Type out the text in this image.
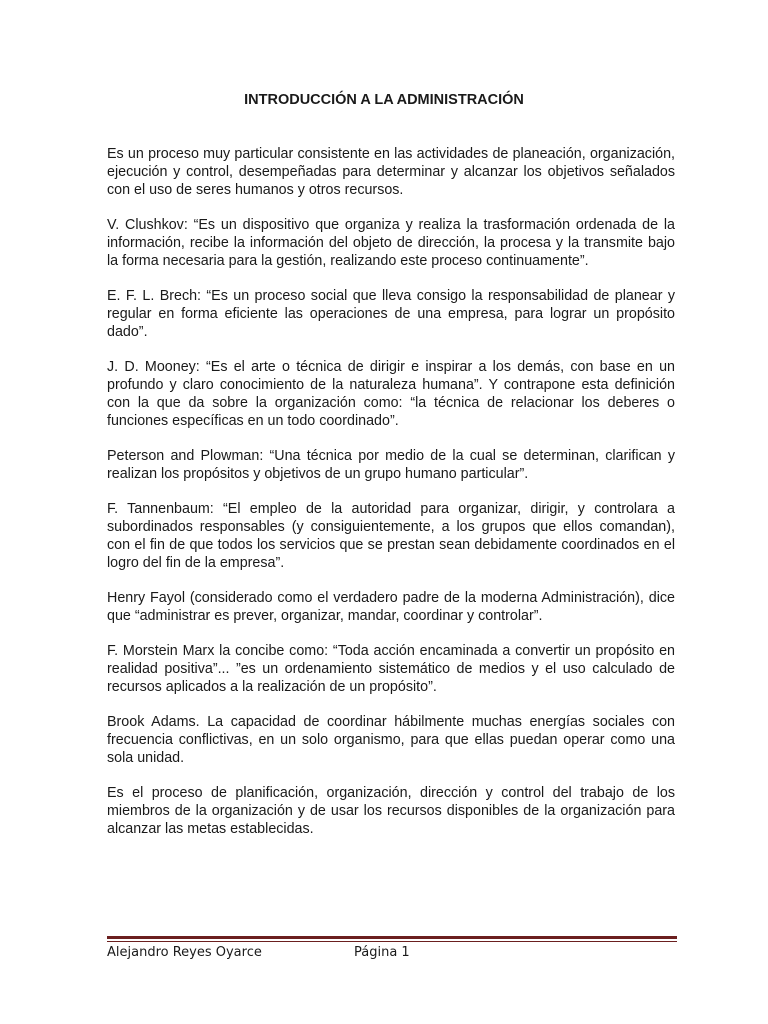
INTRODUCCIÓN A LA ADMINISTRACIÓN

Es un proceso muy particular consistente en las actividades de planeación, organización, ejecución y control, desempeñadas para determinar y alcanzar los objetivos señalados con el uso de seres humanos y otros recursos.

V. Clushkov: “Es un dispositivo que organiza y realiza la trasformación ordenada de la información, recibe la información del objeto de dirección, la procesa y la transmite bajo la forma necesaria para la gestión, realizando este proceso continuamente”.

E. F. L. Brech: “Es un proceso social que lleva consigo la responsabilidad de planear y regular en forma eficiente las operaciones de una empresa, para lograr un propósito dado”.

J. D. Mooney: “Es el arte o técnica de dirigir e inspirar a los demás, con base en un profundo y claro conocimiento de la naturaleza humana”. Y contrapone esta definición con la que da sobre la organización como: “la técnica de relacionar los deberes o funciones específicas en un todo coordinado”.

Peterson and Plowman: “Una técnica por medio de la cual se determinan, clarifican y realizan los propósitos y objetivos de un grupo humano particular”.

F. Tannenbaum: “El empleo de la autoridad para organizar, dirigir, y controlara a subordinados responsables (y consiguientemente, a los grupos que ellos comandan), con el fin de que todos los servicios que se prestan sean debidamente coordinados en el logro del fin de la empresa”.

Henry Fayol (considerado como el verdadero padre de la moderna Administración), dice que “administrar es prever, organizar, mandar, coordinar y controlar”.

F. Morstein Marx la concibe como: “Toda acción encaminada a convertir un propósito en realidad positiva”... ”es un ordenamiento sistemático de medios y el uso calculado de recursos aplicados a la realización de un propósito”.

Brook Adams. La capacidad de coordinar hábilmente muchas energías sociales con frecuencia conflictivas, en un solo organismo, para que ellas puedan operar como una sola unidad.

Es el proceso de planificación, organización, dirección y control del trabajo de los miembros de la organización y de usar los recursos disponibles de la organización para alcanzar las metas establecidas.

Alejandro Reyes Oyarce	Página 1
